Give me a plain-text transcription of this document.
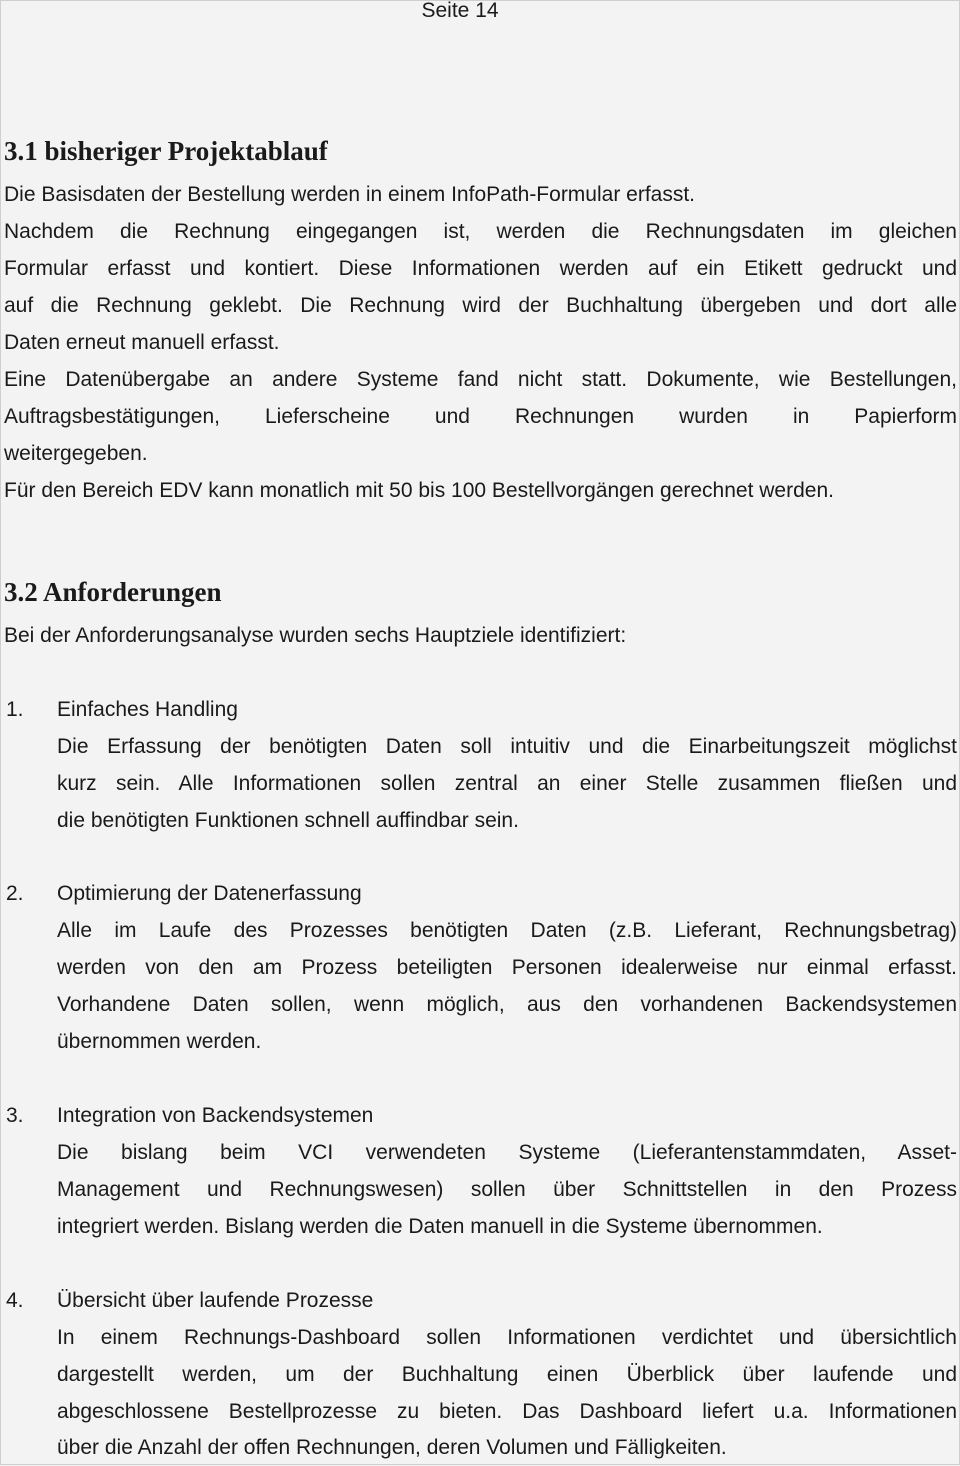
Seite 14
3.1 bisheriger Projektablauf
Die Basisdaten der Bestellung werden in einem InfoPath-Formular erfasst.
Nachdem die Rechnung eingegangen ist, werden die Rechnungsdaten im gleichen
Formular erfasst und kontiert. Diese Informationen werden auf ein Etikett gedruckt und
auf die Rechnung geklebt. Die Rechnung wird der Buchhaltung übergeben und dort alle
Daten erneut manuell erfasst.
Eine Datenübergabe an andere Systeme fand nicht statt. Dokumente, wie Bestellungen,
Auftragsbestätigungen, Lieferscheine und Rechnungen wurden in Papierform
weitergegeben.
Für den Bereich EDV kann monatlich mit 50 bis 100 Bestellvorgängen gerechnet werden.
3.2 Anforderungen
Bei der Anforderungsanalyse wurden sechs Hauptziele identifiziert:
1. Einfaches Handling
Die Erfassung der benötigten Daten soll intuitiv und die Einarbeitungszeit möglichst
kurz sein. Alle Informationen sollen zentral an einer Stelle zusammen fließen und
die benötigten Funktionen schnell auffindbar sein.
2. Optimierung der Datenerfassung
Alle im Laufe des Prozesses benötigten Daten (z.B. Lieferant, Rechnungsbetrag)
werden von den am Prozess beteiligten Personen idealerweise nur einmal erfasst.
Vorhandene Daten sollen, wenn möglich, aus den vorhandenen Backendsystemen
übernommen werden.
3. Integration von Backendsystemen
Die bislang beim VCI verwendeten Systeme (Lieferantenstammdaten, Asset-
Management und Rechnungswesen) sollen über Schnittstellen in den Prozess
integriert werden. Bislang werden die Daten manuell in die Systeme übernommen.
4. Übersicht über laufende Prozesse
In einem Rechnungs-Dashboard sollen Informationen verdichtet und übersichtlich
dargestellt werden, um der Buchhaltung einen Überblick über laufende und
abgeschlossene Bestellprozesse zu bieten. Das Dashboard liefert u.a. Informationen
über die Anzahl der offen Rechnungen, deren Volumen und Fälligkeiten.
